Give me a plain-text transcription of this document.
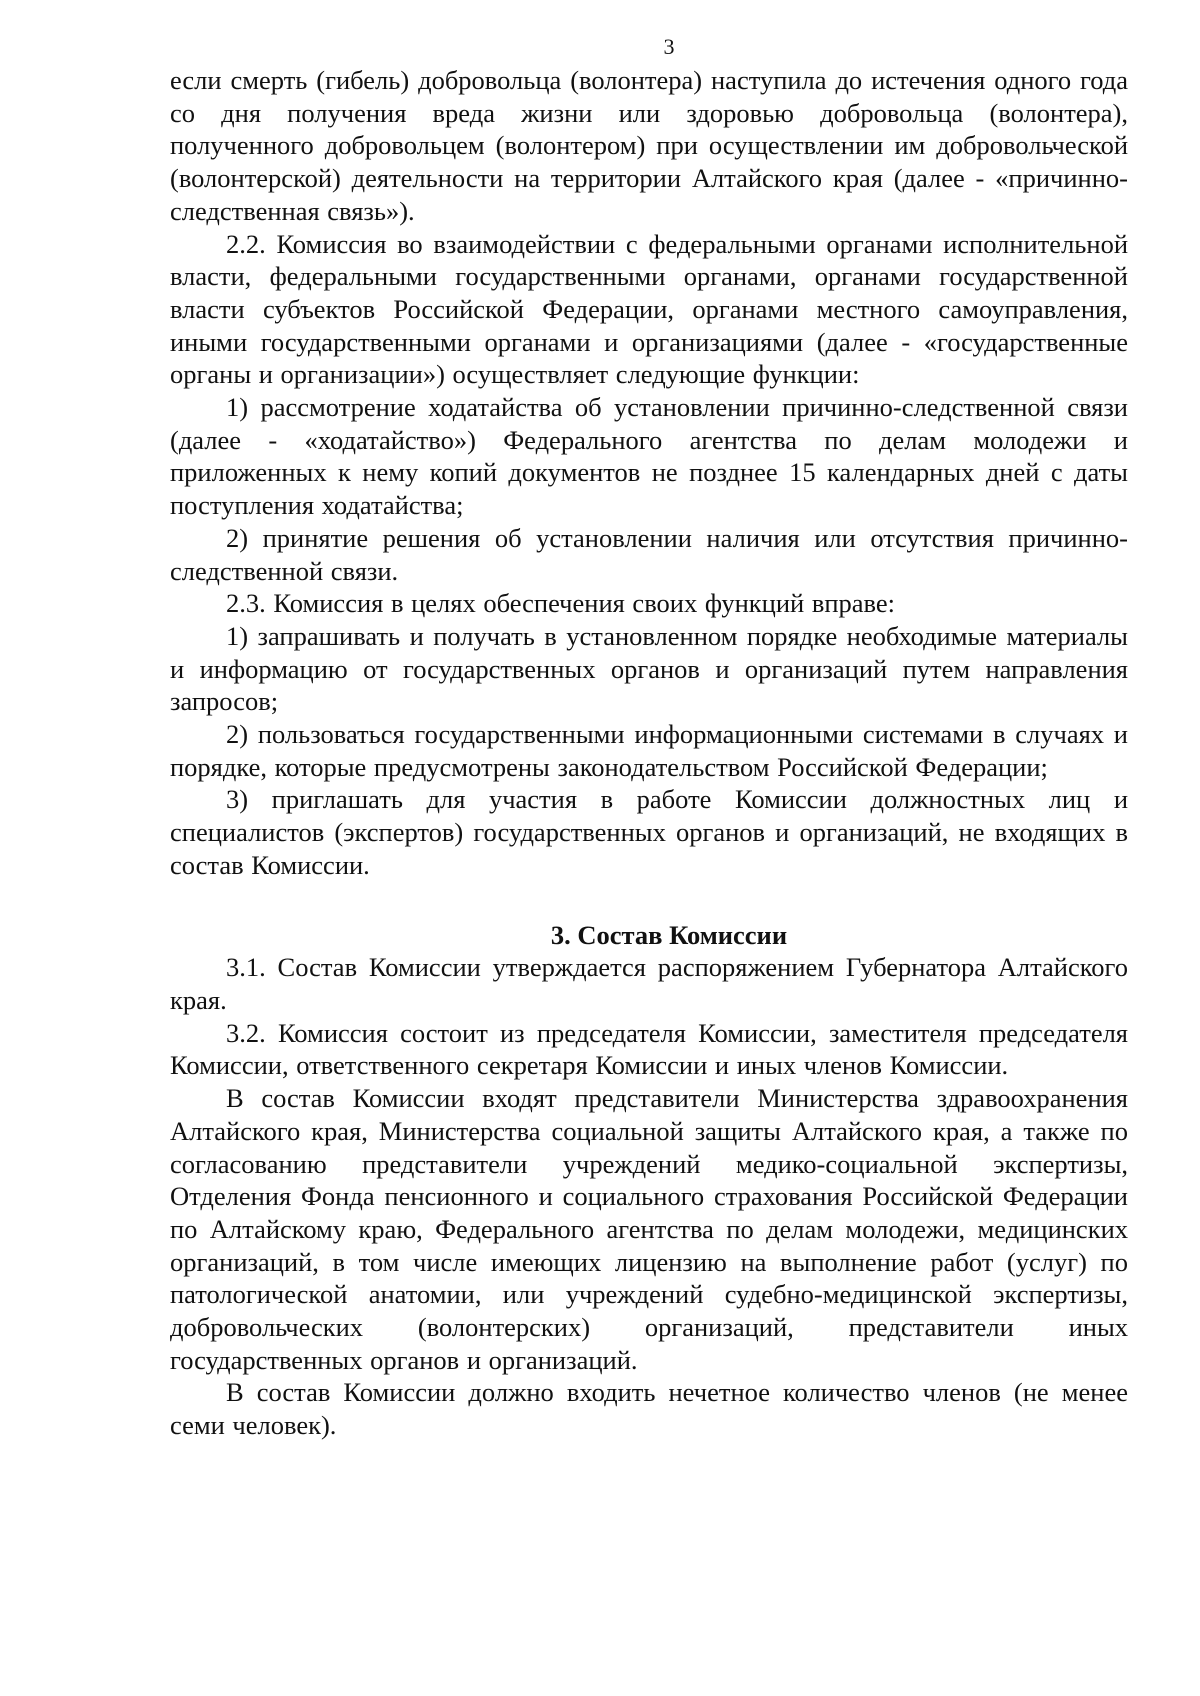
3

если смерть (гибель) добровольца (волонтера) наступила до истечения одного года со дня получения вреда жизни или здоровью добровольца (волонтера), полученного добровольцем (волонтером) при осуществлении им добровольческой (волонтерской) деятельности на территории Алтайского края (далее - «причинно-следственная связь»).

2.2. Комиссия во взаимодействии с федеральными органами исполнительной власти, федеральными государственными органами, органами государственной власти субъектов Российской Федерации, органами местного самоуправления, иными государственными органами и организациями (далее - «государственные органы и организации») осуществляет следующие функции:

1) рассмотрение ходатайства об установлении причинно-следственной связи (далее - «ходатайство») Федерального агентства по делам молодежи и приложенных к нему копий документов не позднее 15 календарных дней с даты поступления ходатайства;

2) принятие решения об установлении наличия или отсутствия причинно-следственной связи.

2.3. Комиссия в целях обеспечения своих функций вправе:

1) запрашивать и получать в установленном порядке необходимые материалы и информацию от государственных органов и организаций путем направления запросов;

2) пользоваться государственными информационными системами в случаях и порядке, которые предусмотрены законодательством Российской Федерации;

3) приглашать для участия в работе Комиссии должностных лиц и специалистов (экспертов) государственных органов и организаций, не входящих в состав Комиссии.

3. Состав Комиссии

3.1. Состав Комиссии утверждается распоряжением Губернатора Алтайского края.

3.2. Комиссия состоит из председателя Комиссии, заместителя председателя Комиссии, ответственного секретаря Комиссии и иных членов Комиссии.

В состав Комиссии входят представители Министерства здравоохранения Алтайского края, Министерства социальной защиты Алтайского края, а также по согласованию представители учреждений медико-социальной экспертизы, Отделения Фонда пенсионного и социального страхования Российской Федерации по Алтайскому краю, Федерального агентства по делам молодежи, медицинских организаций, в том числе имеющих лицензию на выполнение работ (услуг) по патологической анатомии, или учреждений судебно-медицинской экспертизы, добровольческих (волонтерских) организаций, представители иных государственных органов и организаций.

В состав Комиссии должно входить нечетное количество членов (не менее семи человек).
